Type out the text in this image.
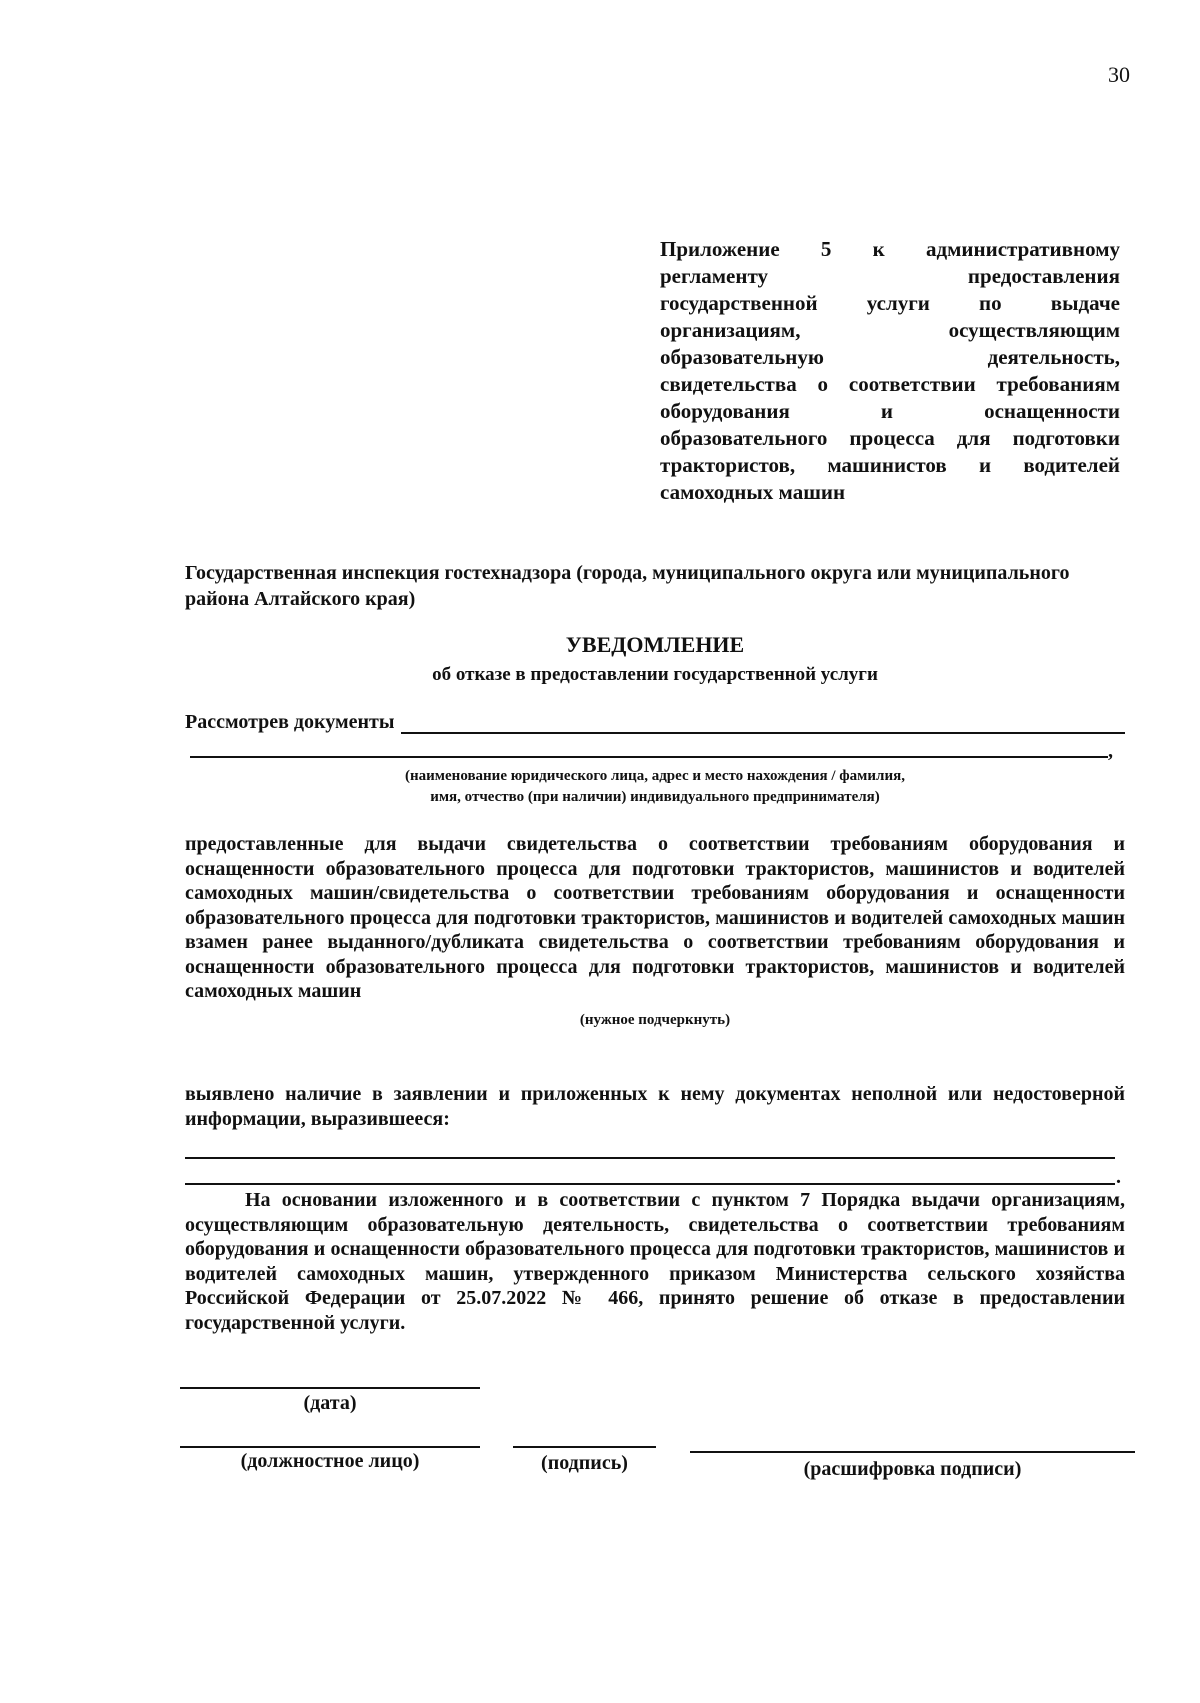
30
Приложение 5 к административному
регламенту предоставления
государственной услуги по выдаче
организациям, осуществляющим
образовательную деятельность,
свидетельства о соответствии требованиям
оборудования и оснащенности
образовательного процесса для подготовки
трактористов, машинистов и водителей
самоходных машин
Государственная инспекция гостехнадзора (города, муниципального округа или муниципального района Алтайского края)
УВЕДОМЛЕНИЕ
об отказе в предоставлении государственной услуги
Рассмотрев документы
,
(наименование юридического лица, адрес и место нахождения / фамилия,
имя, отчество (при наличии) индивидуального предпринимателя)
предоставленные для выдачи свидетельства о соответствии требованиям оборудования и оснащенности образовательного процесса для подготовки трактористов, машинистов и водителей самоходных машин/свидетельства о соответствии требованиям оборудования и оснащенности образовательного процесса для подготовки трактористов, машинистов и водителей самоходных машин взамен ранее выданного/дубликата свидетельства о соответствии требованиям оборудования и оснащенности образовательного процесса для подготовки трактористов, машинистов и водителей самоходных машин
(нужное подчеркнуть)
выявлено наличие в заявлении и приложенных к нему документах неполной или недостоверной информации, выразившееся:
.
На основании изложенного и в соответствии с пунктом 7 Порядка выдачи организациям, осуществляющим образовательную деятельность, свидетельства о соответствии требованиям оборудования и оснащенности образовательного процесса для подготовки трактористов, машинистов и водителей самоходных машин, утвержденного приказом Министерства сельского хозяйства Российской Федерации от 25.07.2022 № 466, принято решение об отказе в предоставлении государственной услуги.
(дата)
(должностное лицо)	(подпись)	(расшифровка подписи)
